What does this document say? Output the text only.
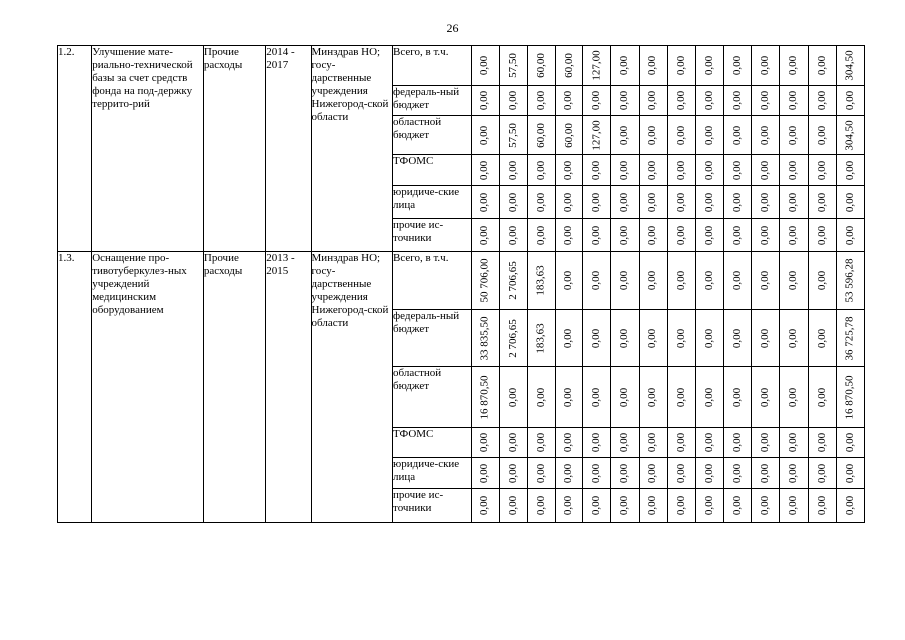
26
1.2.	Улучшение мате-риально-технической базы за счет средств фонда на под-держку террито-рий	Прочие расходы	2014 - 2017	Минздрав НО; госу-дарственные учреждения Нижегород-ской области	Всего, в т.ч.	0,00	57,50	60,00	60,00	127,00	0,00	0,00	0,00	0,00	0,00	0,00	0,00	0,00	304,50

					федераль-ный бюджет	0,00	0,00	0,00	0,00	0,00	0,00	0,00	0,00	0,00	0,00	0,00	0,00	0,00	0,00

					областной бюджет	0,00	57,50	60,00	60,00	127,00	0,00	0,00	0,00	0,00	0,00	0,00	0,00	0,00	304,50

					ТФОМС	0,00	0,00	0,00	0,00	0,00	0,00	0,00	0,00	0,00	0,00	0,00	0,00	0,00	0,00

					юридиче-ские лица	0,00	0,00	0,00	0,00	0,00	0,00	0,00	0,00	0,00	0,00	0,00	0,00	0,00	0,00

					прочие ис-точники	0,00	0,00	0,00	0,00	0,00	0,00	0,00	0,00	0,00	0,00	0,00	0,00	0,00	0,00

1.3.	Оснащение про-тивотуберкулез-ных учреждений медицинским оборудованием	Прочие расходы	2013 - 2015	Минздрав НО; госу-дарственные учреждения Нижегород-ской области	Всего, в т.ч.	50 706,00	2 706,65	183,63	0,00	0,00	0,00	0,00	0,00	0,00	0,00	0,00	0,00	0,00	53 596,28

					федераль-ный бюджет	33 835,50	2 706,65	183,63	0,00	0,00	0,00	0,00	0,00	0,00	0,00	0,00	0,00	0,00	36 725,78

					областной бюджет	16 870,50	0,00	0,00	0,00	0,00	0,00	0,00	0,00	0,00	0,00	0,00	0,00	0,00	16 870,50

					ТФОМС	0,00	0,00	0,00	0,00	0,00	0,00	0,00	0,00	0,00	0,00	0,00	0,00	0,00	0,00

					юридиче-ские лица	0,00	0,00	0,00	0,00	0,00	0,00	0,00	0,00	0,00	0,00	0,00	0,00	0,00	0,00

					прочие ис-точники	0,00	0,00	0,00	0,00	0,00	0,00	0,00	0,00	0,00	0,00	0,00	0,00	0,00	0,00
